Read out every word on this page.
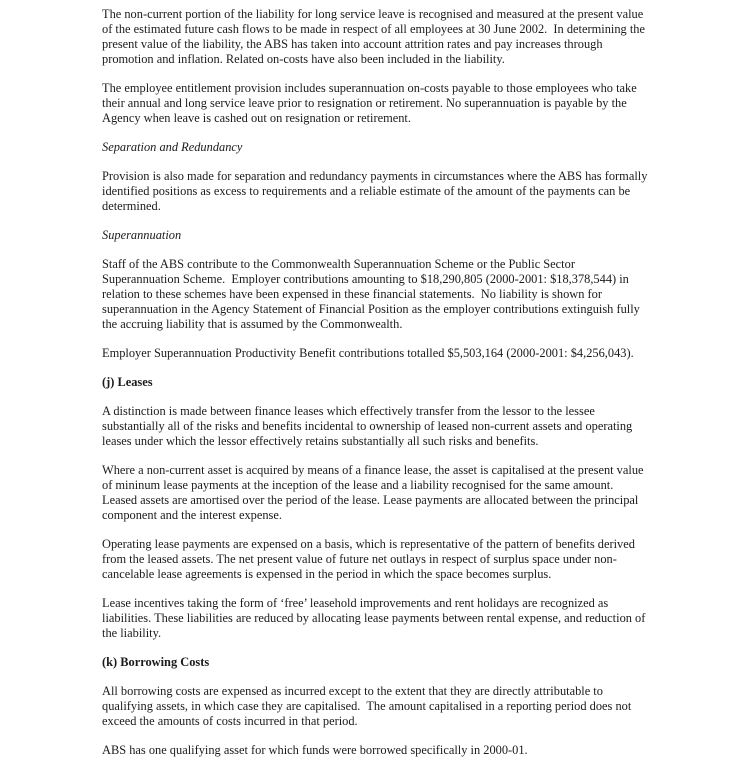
The non-current portion of the liability for long service leave is recognised and measured at the present value of the estimated future cash flows to be made in respect of all employees at 30 June 2002.  In determining the present value of the liability, the ABS has taken into account attrition rates and pay increases through promotion and inflation. Related on-costs have also been included in the liability.

The employee entitlement provision includes superannuation on-costs payable to those employees who take their annual and long service leave prior to resignation or retirement. No superannuation is payable by the Agency when leave is cashed out on resignation or retirement.

Separation and Redundancy

Provision is also made for separation and redundancy payments in circumstances where the ABS has formally identified positions as excess to requirements and a reliable estimate of the amount of the payments can be determined.

Superannuation

Staff of the ABS contribute to the Commonwealth Superannuation Scheme or the Public Sector Superannuation Scheme.  Employer contributions amounting to $18,290,805 (2000-2001: $18,378,544) in relation to these schemes have been expensed in these financial statements.  No liability is shown for superannuation in the Agency Statement of Financial Position as the employer contributions extinguish fully the accruing liability that is assumed by the Commonwealth.

Employer Superannuation Productivity Benefit contributions totalled $5,503,164 (2000-2001: $4,256,043).

(j) Leases

A distinction is made between finance leases which effectively transfer from the lessor to the lessee substantially all of the risks and benefits incidental to ownership of leased non-current assets and operating leases under which the lessor effectively retains substantially all such risks and benefits.

Where a non-current asset is acquired by means of a finance lease, the asset is capitalised at the present value of mininum lease payments at the inception of the lease and a liability recognised for the same amount. Leased assets are amortised over the period of the lease. Lease payments are allocated between the principal component and the interest expense.

Operating lease payments are expensed on a basis, which is representative of the pattern of benefits derived from the leased assets. The net present value of future net outlays in respect of surplus space under non-cancelable lease agreements is expensed in the period in which the space becomes surplus.

Lease incentives taking the form of ‘free’ leasehold improvements and rent holidays are recognized as liabilities. These liabilities are reduced by allocating lease payments between rental expense, and reduction of the liability.

(k) Borrowing Costs

All borrowing costs are expensed as incurred except to the extent that they are directly attributable to qualifying assets, in which case they are capitalised.  The amount capitalised in a reporting period does not exceed the amounts of costs incurred in that period.

ABS has one qualifying asset for which funds were borrowed specifically in 2000-01.
